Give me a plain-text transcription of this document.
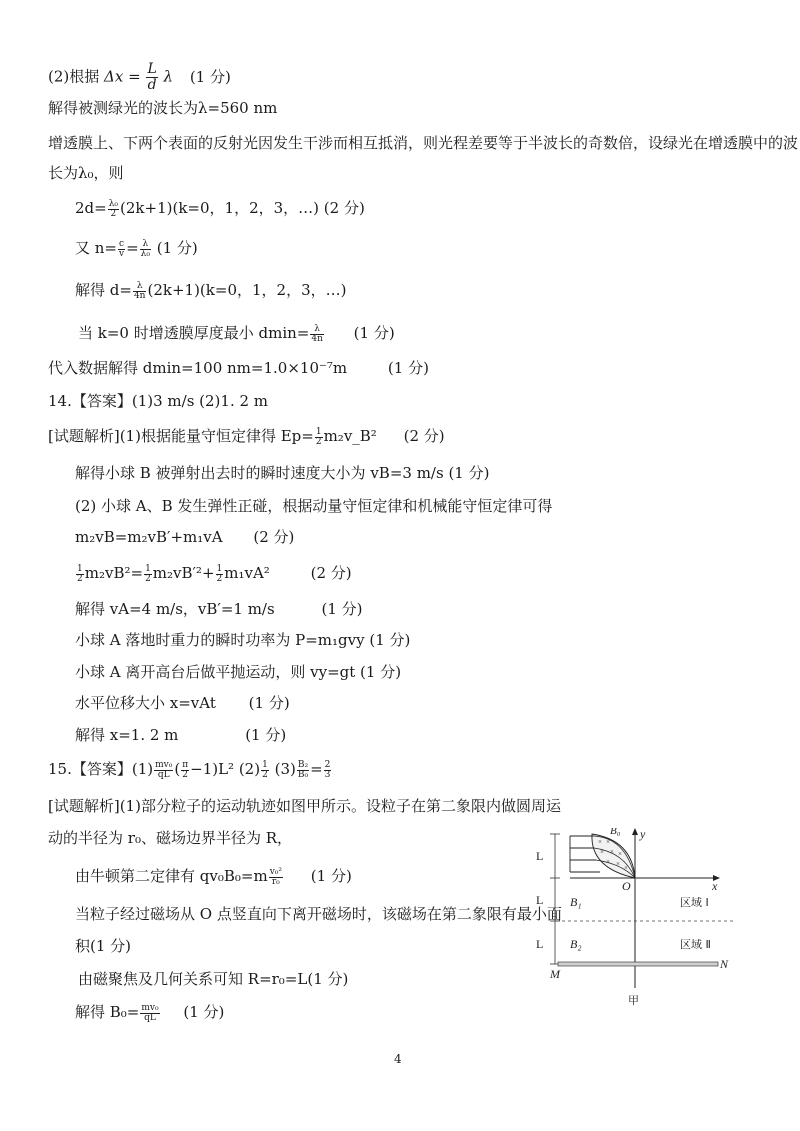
(2)根据 $\Delta x = \frac{L}{d}$ λ (1 分)
解得被测绿光的波长为λ=560 nm
增透膜上、下两个表面的反射光因发生干涉而相互抵消，则光程差要等于半波长的奇数倍，设绿光在增透膜中的波
长为λ₀，则
$2d= \frac{\text{λ₀}}{2} (2k+1)(k=0$，1，2，3，…) (2 分)
又 $n= \frac{c}{v} = \frac{\lambda}{\text{λ₀}} (1$ 分)
解得 $d= \frac{\lambda}{4n} (2k+1)(k=0$，1，2，3，…)
当 k=0 时增透膜厚度最小 $dmin= \frac{\lambda}{4n} (1$ 分)
代入数据解得 dmin=100 nm=1.0×10⁻⁷m	(1 分)
14.【答案】(1)3 m/s (2)1. 2 m
[试题解析](1)根据能量守恒定律得 $Ep= \frac{1}{2}$ m₂v_B² (2 分)
解得小球 B 被弹射出去时的瞬时速度大小为 vB=3 m/s (1 分)
(2) 小球 A、B 发生弹性正碰，根据动量守恒定律和机械能守恒定律可得
m₂vB=m₂vB′+m₁vA (2 分)
$\frac{1}{2} m_2vB^2= \frac{1}{2} m_2vB'^2+ \frac{1}{2} m_1vA^2$	(2 分)
解得 vA=4 m/s，vB′=1 m/s	(1 分)
小球 A 落地时重力的瞬时功率为 P=m₁gvy (1 分)
小球 A 离开高台后做平抛运动，则 vy=gt (1 分)
水平位移大小 x=vAt (1 分)
解得 x=1. 2 m	(1 分)
15.【答案】$(1) \frac{\text{mv₀}}{qL}$ ( $\frac{\pi}{2} -1)L^2$ $(2) \frac{1}{2} (3) \frac{\text{B₂}}{\text{B₀}} = \frac{2}{3}$
[试题解析](1)部分粒子的运动轨迹如图甲所示。设粒子在第二象限内做圆周运
动的半径为 r₀、磁场边界半径为 R，
由牛顿第二定律有 $qv_0B_0=m \frac{\text{v₀²}}{\text{r₀}} (1$ 分)
当粒子经过磁场从 O 点竖直向下离开磁场时，该磁场在第二象限有最小面
积(1 分)
由磁聚焦及几何关系可知 R=r₀=L(1 分)
解得 $B_0= \frac{\text{mv₀}}{qL} (1$ 分)
L
L
L
y
x
O
B₀
× ×
× × ×
× × ×
B₁	区域 Ⅰ
B₂	区域 Ⅱ
M
N
甲
4
